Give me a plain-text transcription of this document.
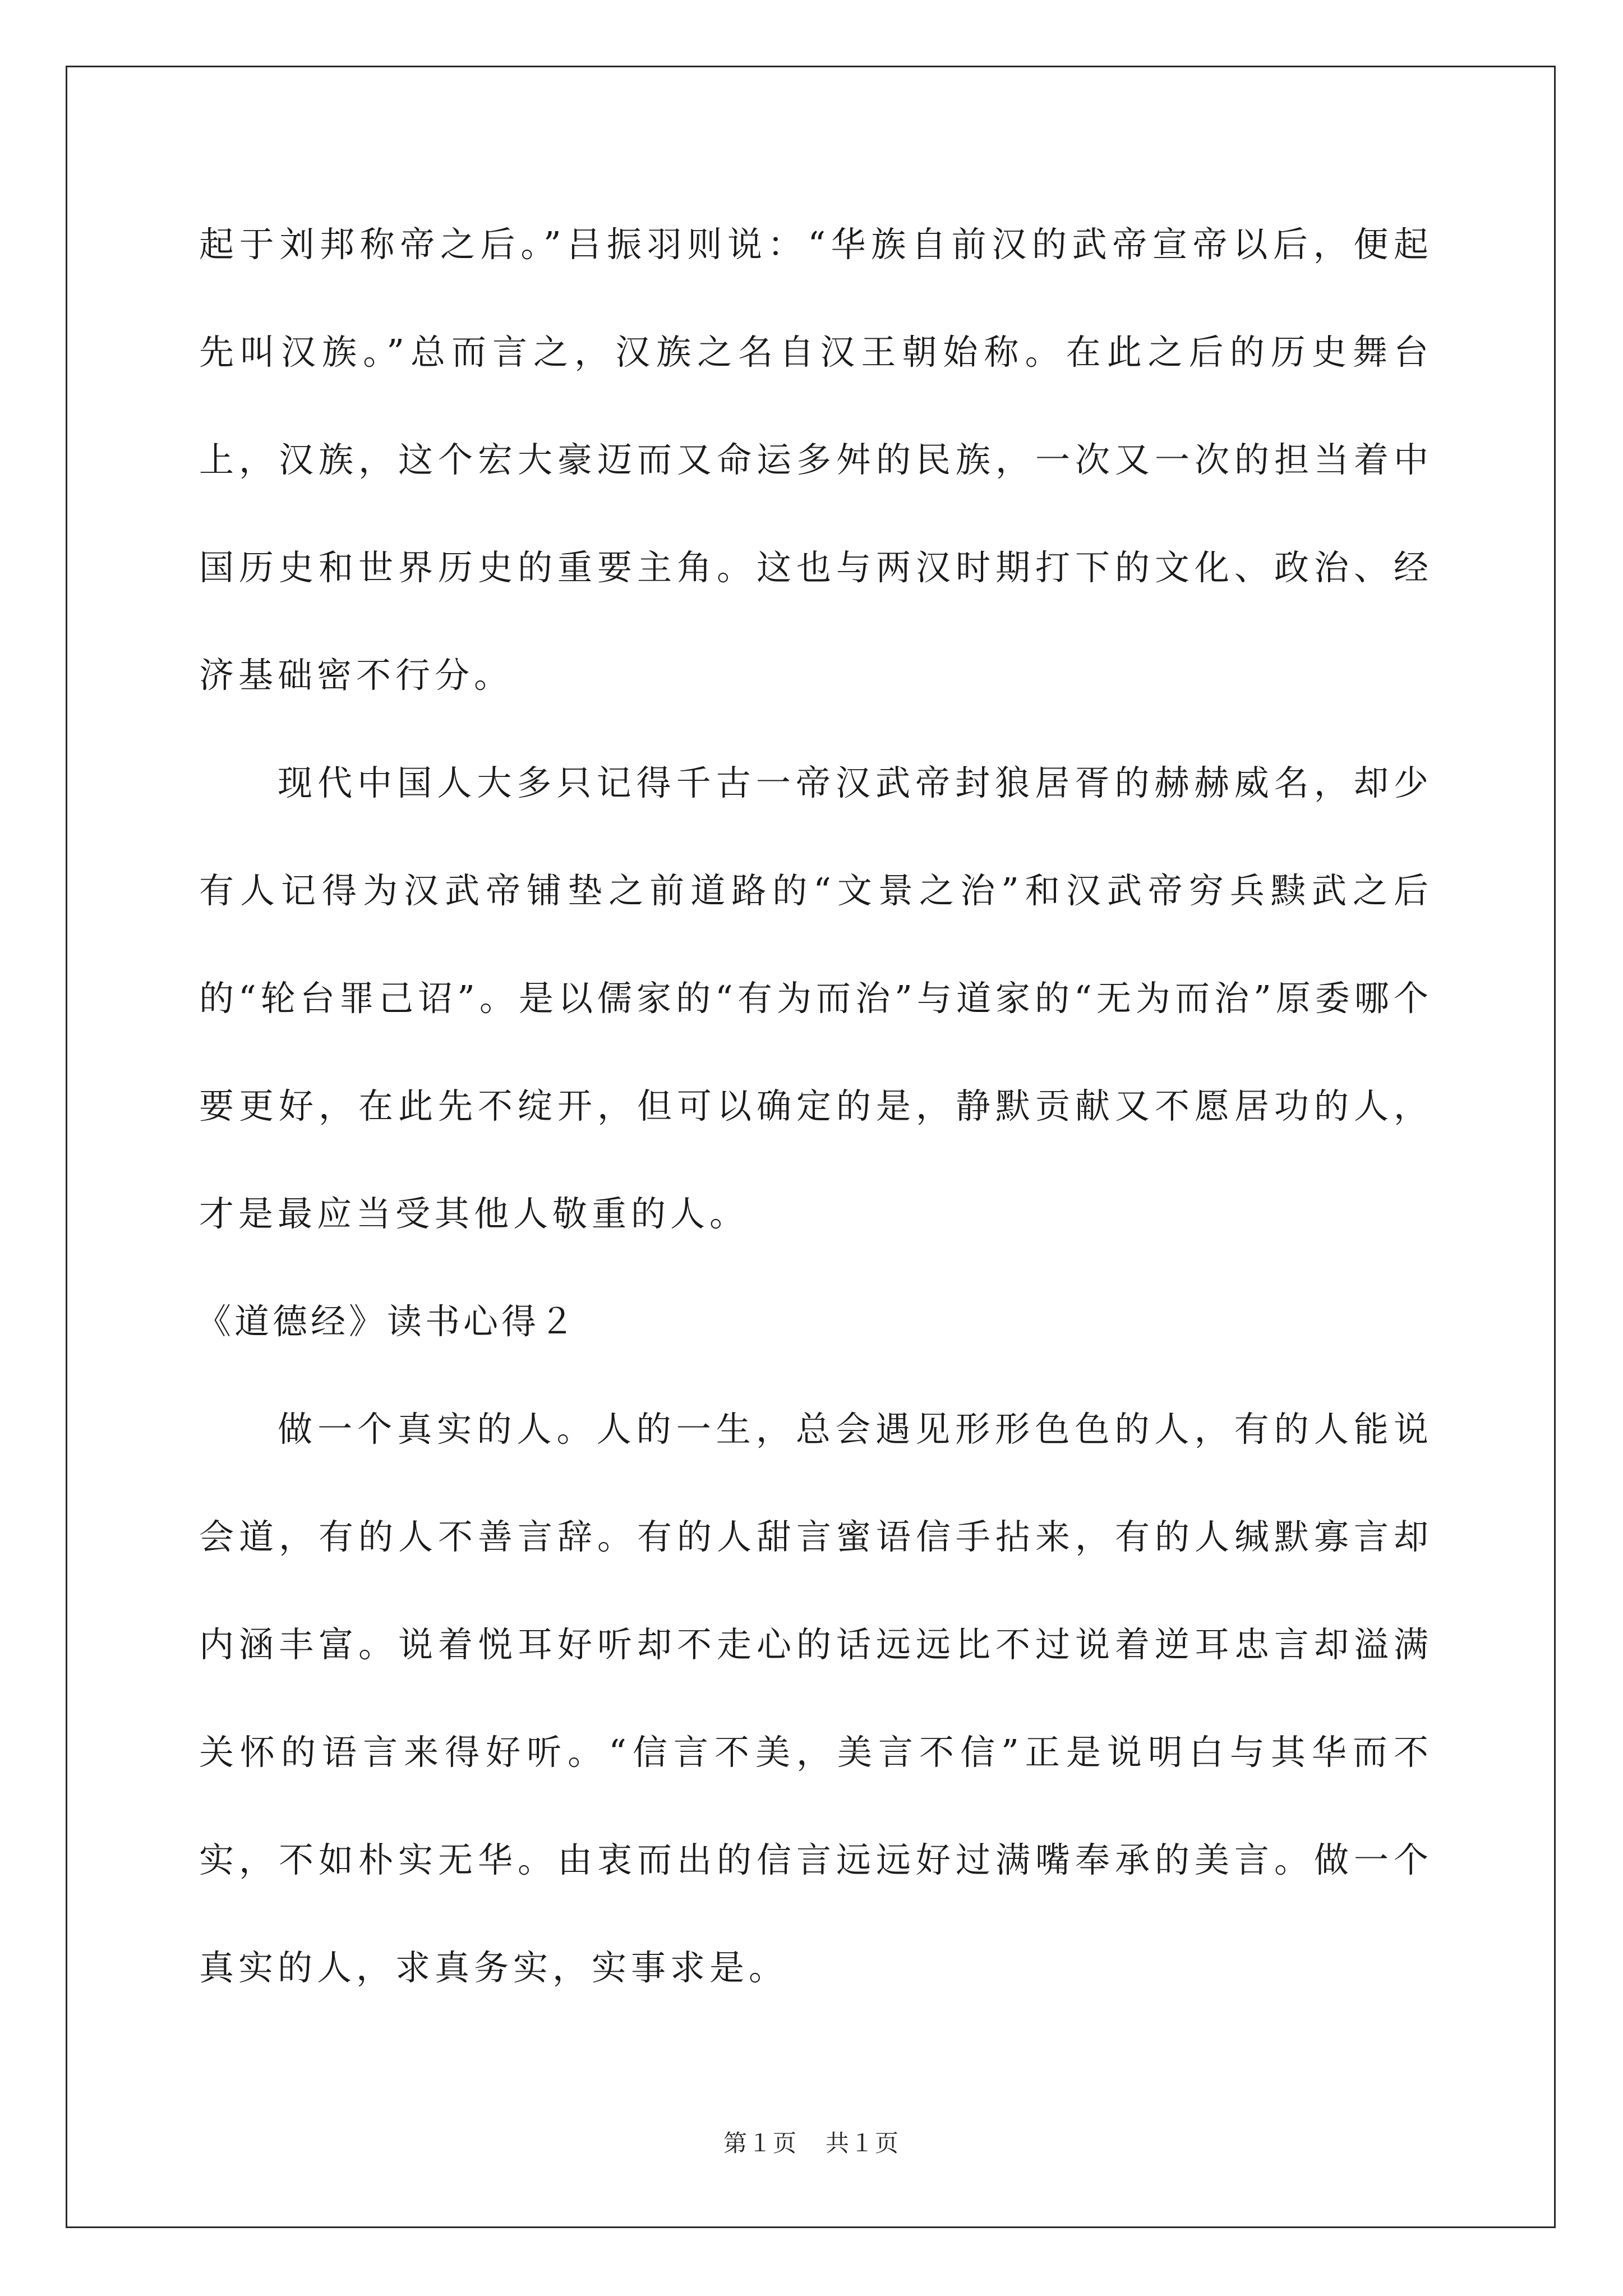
起于刘邦称帝之后。”吕振羽则说：“华族自前汉的武帝宣帝以后，便起先叫汉族。”总而言之，汉族之名自汉王朝始称。在此之后的历史舞台上，汉族，这个宏大豪迈而又命运多舛的民族，一次又一次的担当着中国历史和世界历史的重要主角。这也与两汉时期打下的文化、政治、经济基础密不行分。

现代中国人大多只记得千古一帝汉武帝封狼居胥的赫赫威名，却少有人记得为汉武帝铺垫之前道路的“文景之治”和汉武帝穷兵黩武之后的“轮台罪己诏”。是以儒家的“有为而治”与道家的“无为而治”原委哪个要更好，在此先不绽开，但可以确定的是，静默贡献又不愿居功的人，才是最应当受其他人敬重的人。

《道德经》读书心得２

做一个真实的人。人的一生，总会遇见形形色色的人，有的人能说会道，有的人不善言辞。有的人甜言蜜语信手拈来，有的人缄默寡言却内涵丰富。说着悦耳好听却不走心的话远远比不过说着逆耳忠言却溢满关怀的语言来得好听。“信言不美，美言不信”正是说明白与其华而不实，不如朴实无华。由衷而出的信言远远好过满嘴奉承的美言。做一个真实的人，求真务实，实事求是。

第１页 共１页
